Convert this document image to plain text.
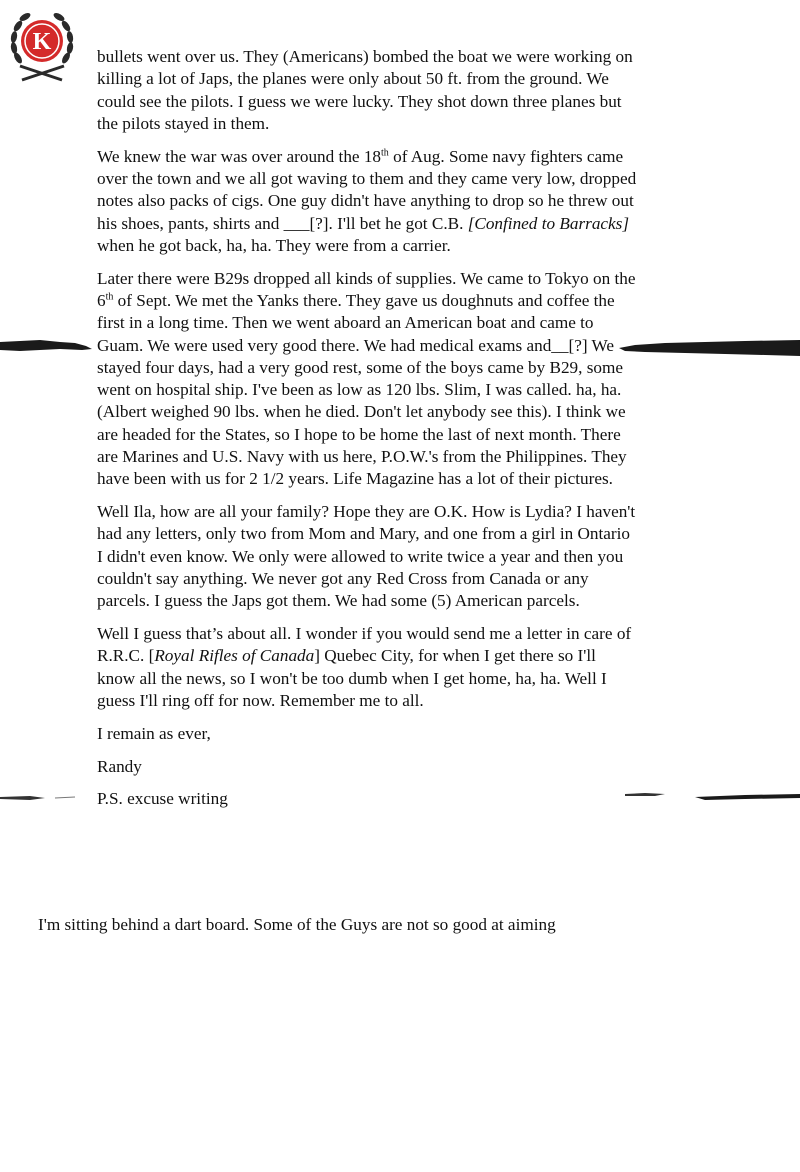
K

bullets went over us. They (Americans) bombed the boat we were working on killing a lot of Japs, the planes were only about 50 ft. from the ground. We could see the pilots. I guess we were lucky. They shot down three planes but the pilots stayed in them.

We knew the war was over around the 18th of Aug. Some navy fighters came over the town and we all got waving to them and they came very low, dropped notes also packs of cigs. One guy didn't have anything to drop so he threw out his shoes, pants, shirts and ___[?]. I'll bet he got C.B. [Confined to Barracks] when he got back, ha, ha. They were from a carrier.

Later there were B29s dropped all kinds of supplies. We came to Tokyo on the 6th of Sept. We met the Yanks there. They gave us doughnuts and coffee the first in a long time. Then we went aboard an American boat and came to Guam. We were used very good there. We had medical exams and__[?] We stayed four days, had a very good rest, some of the boys came by B29, some went on hospital ship. I've been as low as 120 lbs. Slim, I was called. ha, ha. (Albert weighed 90 lbs. when he died. Don't let anybody see this). I think we are headed for the States, so I hope to be home the last of next month. There are Marines and U.S. Navy with us here, P.O.W.'s from the Philippines. They have been with us for 2 1/2 years. Life Magazine has a lot of their pictures.

Well Ila, how are all your family? Hope they are O.K. How is Lydia? I haven't had any letters, only two from Mom and Mary, and one from a girl in Ontario I didn't even know. We only were allowed to write twice a year and then you couldn't say anything. We never got any Red Cross from Canada or any parcels. I guess the Japs got them. We had some (5) American parcels.

Well I guess that’s about all. I wonder if you would send me a letter in care of R.R.C. [Royal Rifles of Canada] Quebec City, for when I get there so I'll know all the news, so I won't be too dumb when I get home, ha, ha. Well I guess I'll ring off for now. Remember me to all.

I remain as ever,

Randy

P.S. excuse writing

I'm sitting behind a dart board. Some of the Guys are not so good at aiming
